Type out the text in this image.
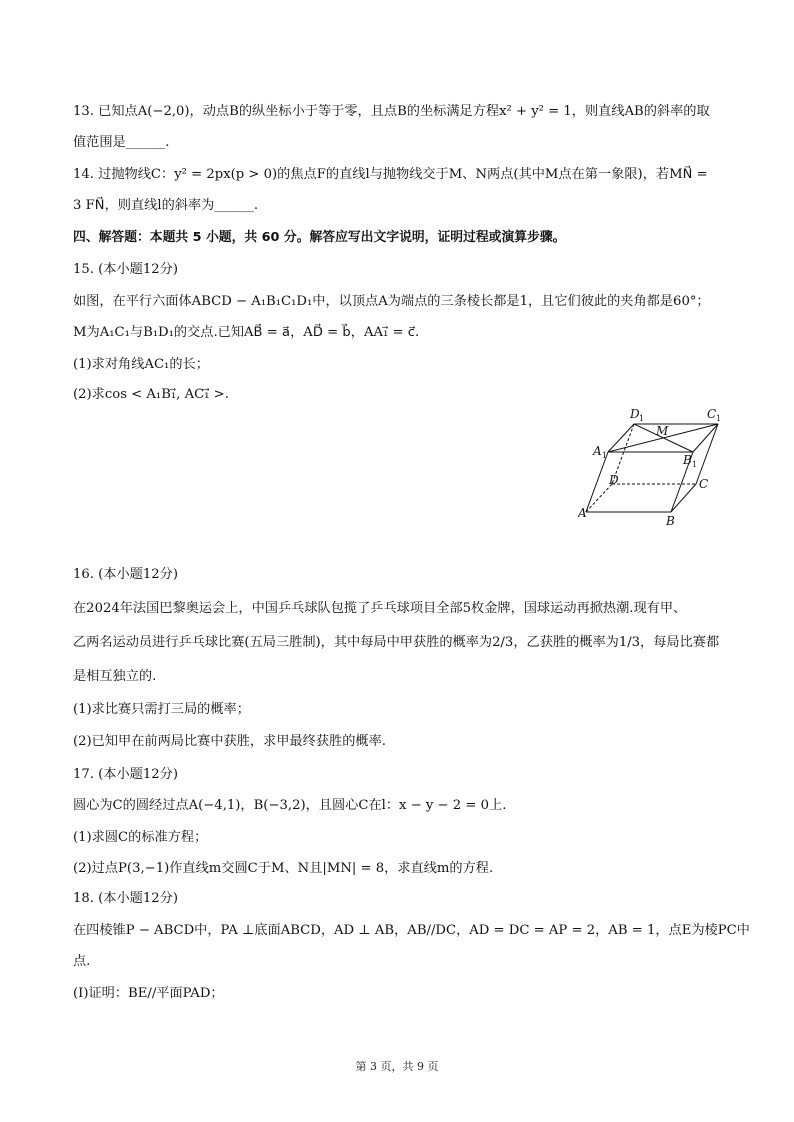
13. 已知点A(−2,0)，动点B的纵坐标小于等于零，且点B的坐标满足方程x² + y² = 1，则直线AB的斜率的取
值范围是______.
14. 过抛物线C：y² = 2px(p > 0)的焦点F的直线l与抛物线交于M、N两点(其中M点在第一象限)，若MN⃗ =
3 FN⃗，则直线l的斜率为______.
四、解答题：本题共 5 小题，共 60 分。解答应写出文字说明，证明过程或演算步骤。
15. (本小题12分)
如图，在平行六面体ABCD − A₁B₁C₁D₁中，以顶点A为端点的三条棱长都是1，且它们彼此的夹角都是60°；
M为A₁C₁与B₁D₁的交点.已知AB⃗ = a⃗，AD⃗ = b⃗，AA₁⃗ = c⃗.
(1)求对角线AC₁的长；
(2)求cos < A₁B₁⃗, AC₁⃗ >.
D 1	C 1
M
A 1	B 1
D	C
A
B
16. (本小题12分)
在2024年法国巴黎奥运会上，中国乒乓球队包揽了乒乓球项目全部5枚金牌，国球运动再掀热潮.现有甲、
乙两名运动员进行乒乓球比赛(五局三胜制)，其中每局中甲获胜的概率为2/3，乙获胜的概率为1/3，每局比赛都
是相互独立的.
(1)求比赛只需打三局的概率；
(2)已知甲在前两局比赛中获胜，求甲最终获胜的概率.
17. (本小题12分)
圆心为C的圆经过点A(−4,1)，B(−3,2)，且圆心C在l：x − y − 2 = 0上.
(1)求圆C的标准方程；
(2)过点P(3,−1)作直线m交圆C于M、N且|MN| = 8，求直线m的方程.
18. (本小题12分)
在四棱锥P − ABCD中，PA ⊥底面ABCD，AD ⊥ AB，AB//DC，AD = DC = AP = 2，AB = 1，点E为棱PC中
点.
(I)证明：BE//平面PAD；
第 3 页，共 9 页
